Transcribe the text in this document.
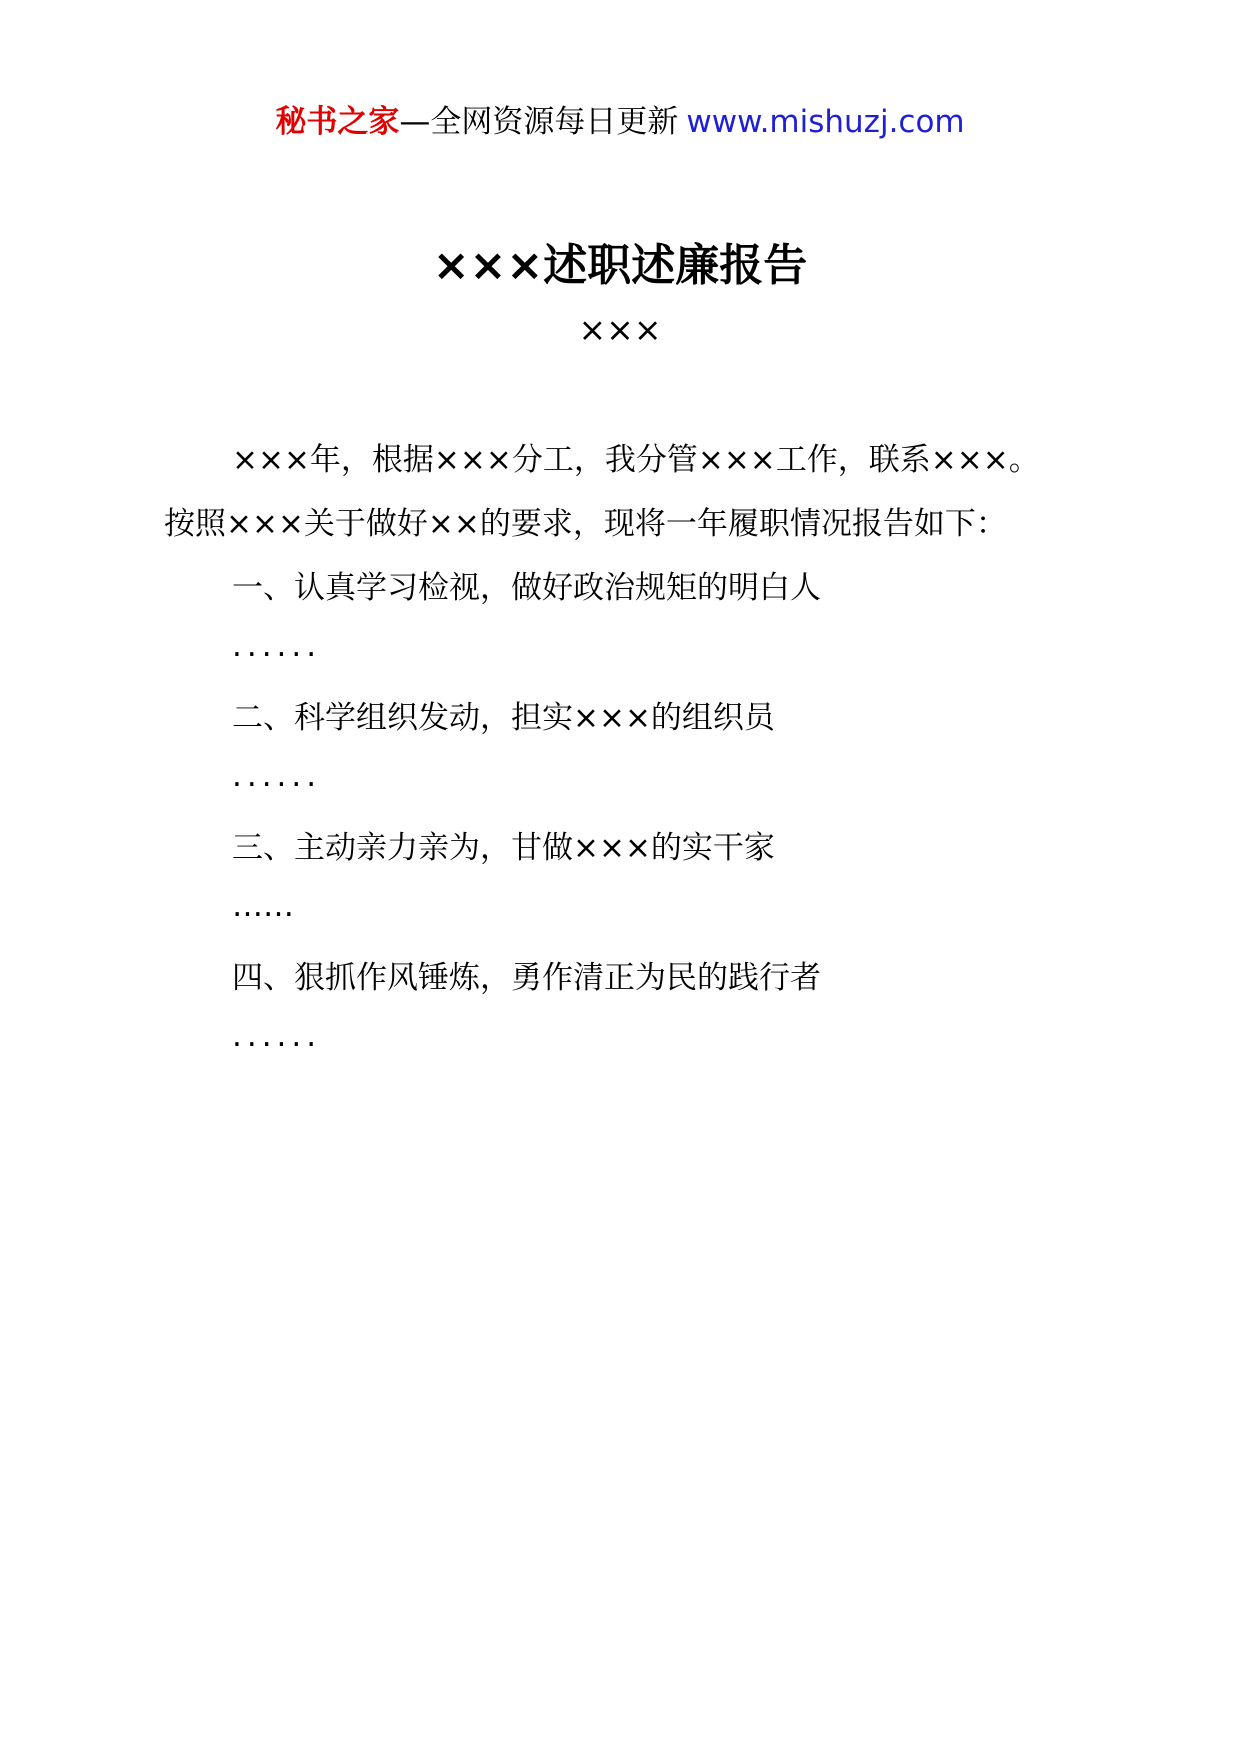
秘书之家—全网资源每日更新 www.mishuzj.com
×××述职述廉报告
×××
×××年，根据×××分工，我分管×××工作，联系×××。
按照×××关于做好××的要求，现将一年履职情况报告如下：
一、认真学习检视，做好政治规矩的明白人
......
二、科学组织发动，担实×××的组织员
......
三、主动亲力亲为，甘做×××的实干家
……
四、狠抓作风锤炼，勇作清正为民的践行者
......
